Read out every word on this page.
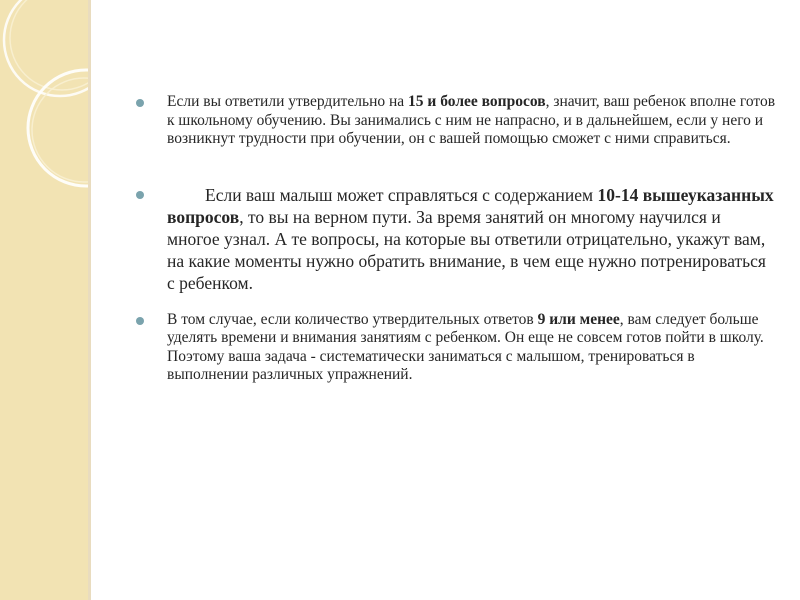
Если вы ответили утвердительно на 15 и более вопросов, значит, ваш ребенок вполне готов к школьному обучению. Вы занимались с ним не напрасно, и в дальнейшем, если у него и возникнут трудности при обучении, он с вашей помощью сможет с ними справиться.
Если ваш малыш может справляться с содержанием 10-14 вышеуказанных вопросов, то вы на верном пути. За время занятий он многому научился и многое узнал. А те вопросы, на которые вы ответили отрицательно, укажут вам, на какие моменты нужно обратить внимание, в чем еще нужно потренироваться с ребенком.
В том случае, если количество утвердительных ответов 9 или менее, вам следует больше уделять времени и внимания занятиям с ребенком. Он еще не совсем готов пойти в школу. Поэтому ваша задача - систематически заниматься с малышом, тренироваться в выполнении различных упражнений.
